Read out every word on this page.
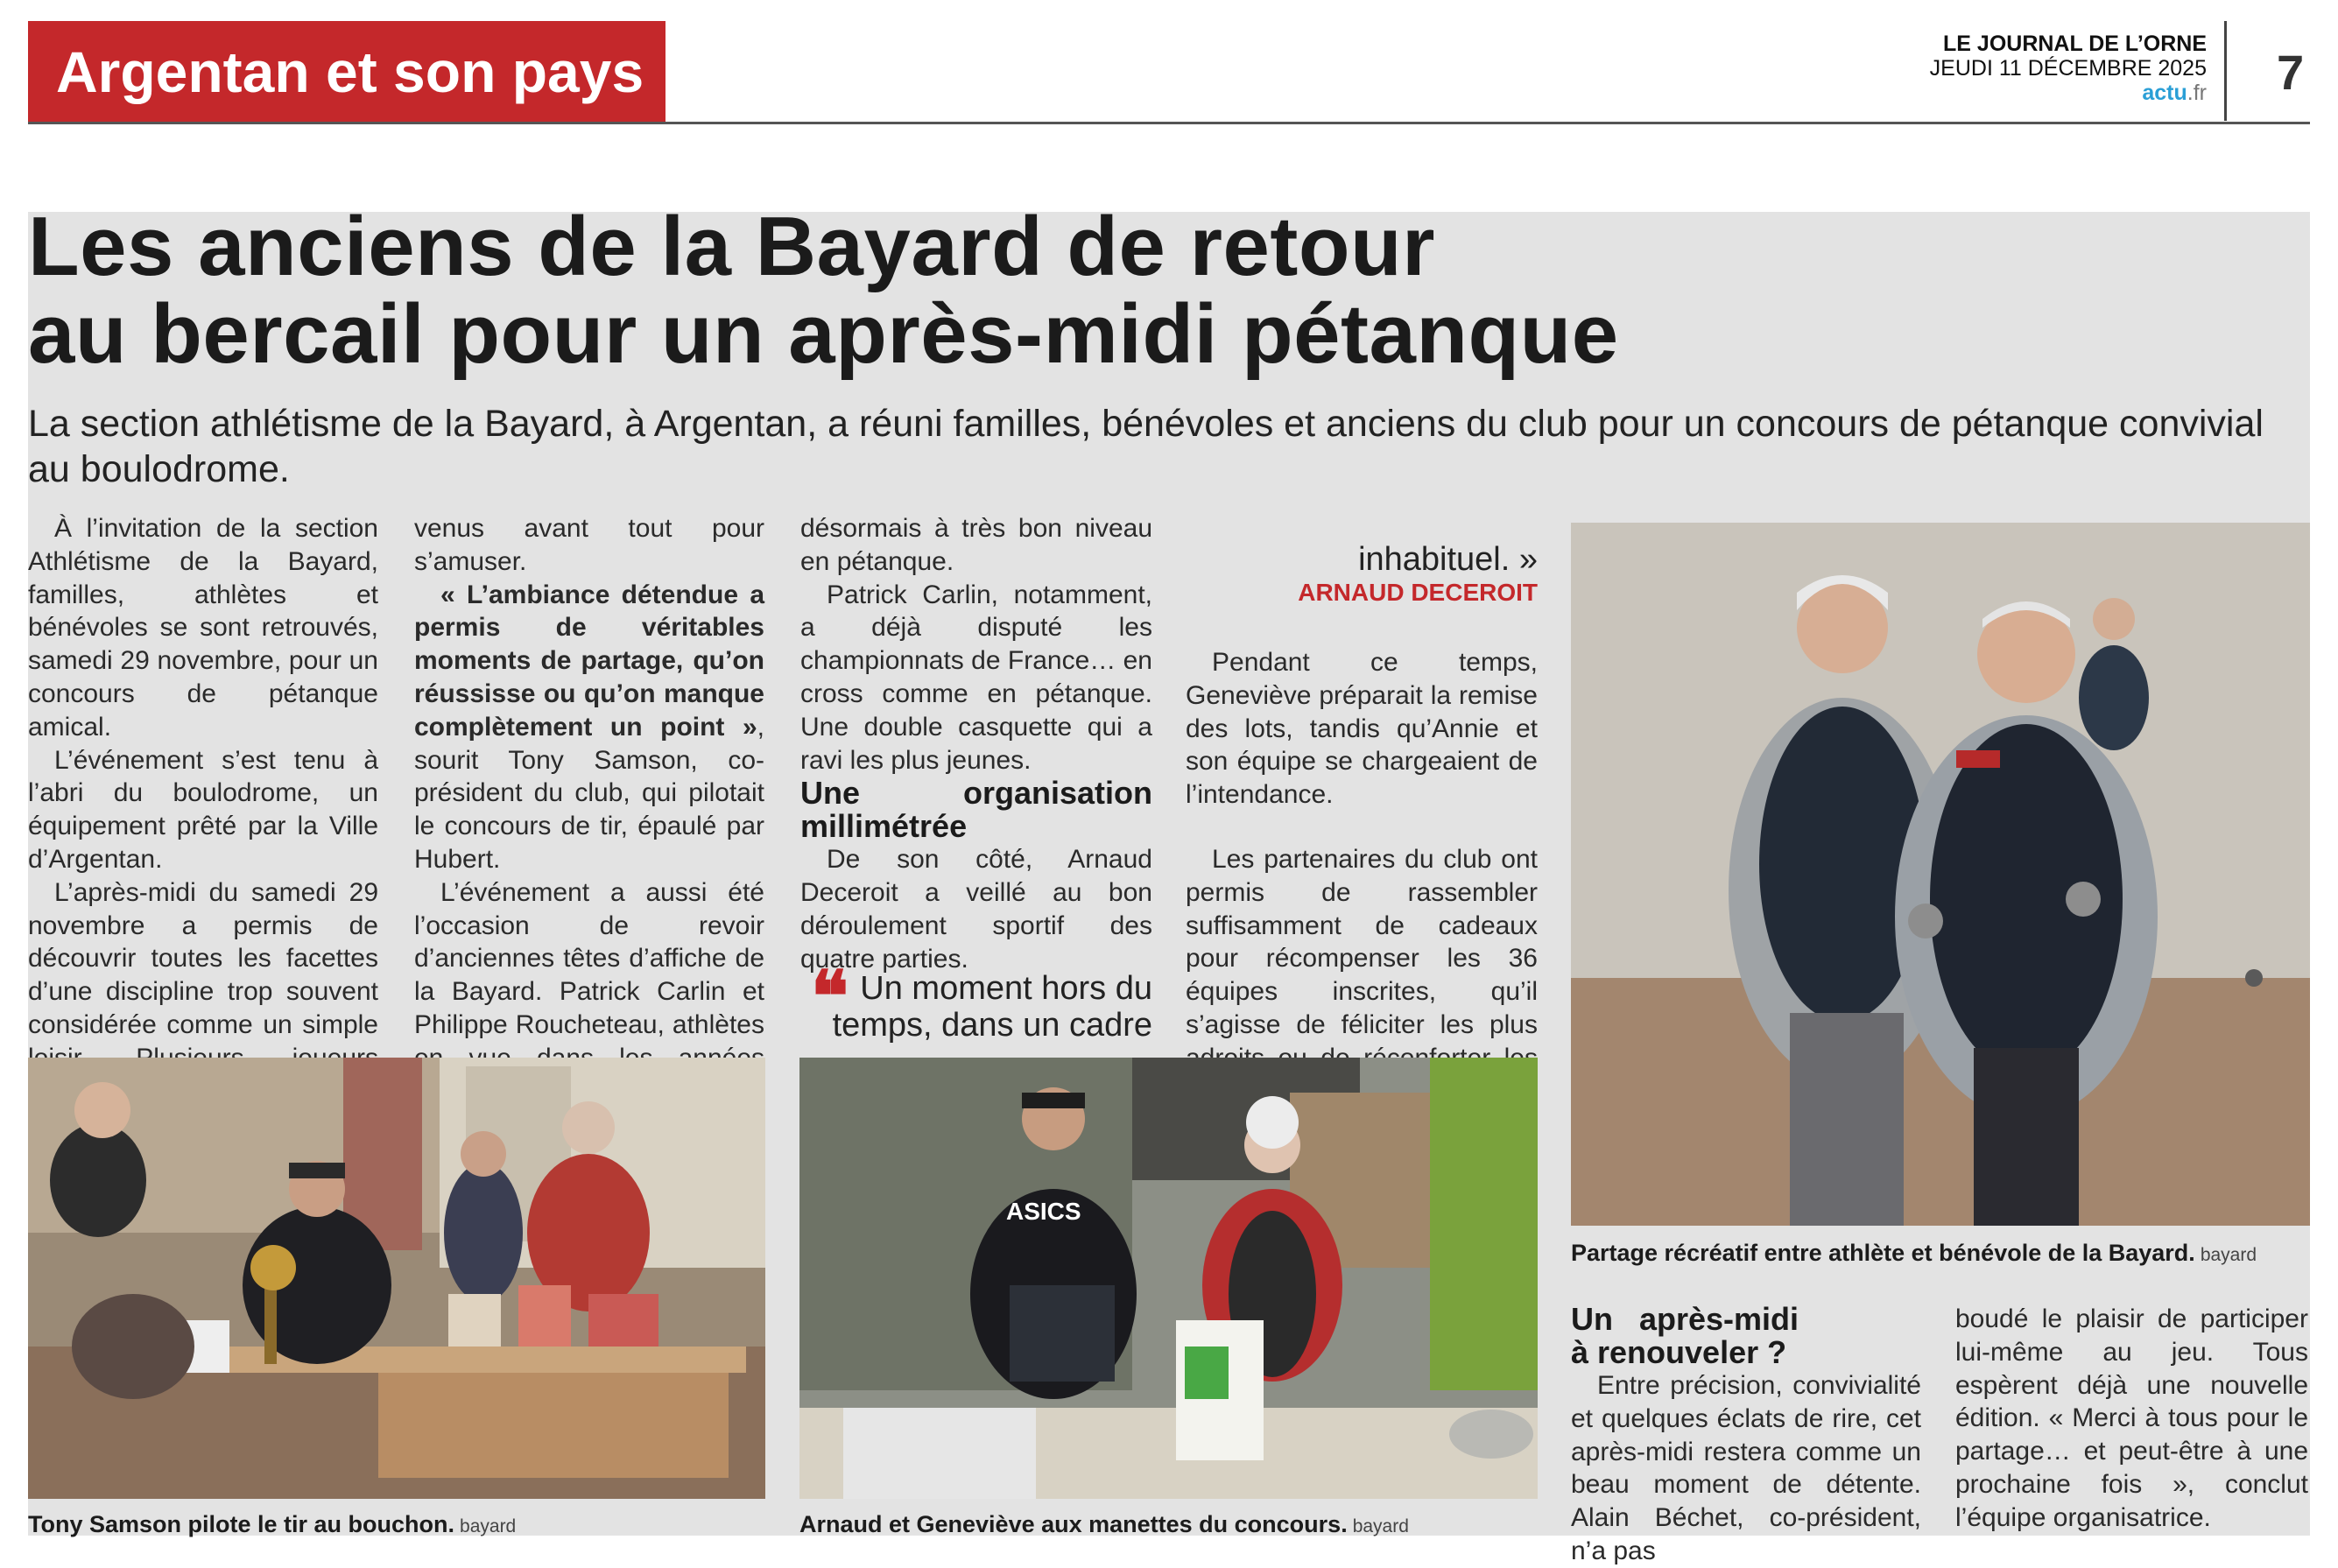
Argentan et son pays	LE JOURNAL DE L’ORNE
JEUDI 11 DÉCEMBRE 2025
actu.fr 7
Les anciens de la Bayard de retour
au bercail pour un après-midi pétanque
La section athlétisme de la Bayard, à Argentan, a réuni familles, bénévoles et anciens du club pour un concours de pétanque convivial au boulodrome.

À l’invitation de la section Athlétisme de la Bayard, familles, athlètes et bénévoles se sont retrouvés, samedi 29 novembre, pour un concours de pétanque amical.

L’événement s’est tenu à l’abri du boulodrome, un équipement prêté par la Ville d’Argentan.

L’après-midi du samedi 29 novembre a permis de découvrir toutes les facettes d’une discipline trop souvent considérée comme un simple

venus avant tout pour s’amuser.

« L’ambiance détendue a permis de véritables moments de partage, qu’on réussisse ou qu’on manque complètement un point », sourit Tony Samson, co-président du club, qui pilotait le concours de tir, épaulé par Hubert.

L’événement a aussi été l’occasion de revoir d’anciennes têtes d’affiche de la Bayard. Patrick Carlin et Philippe Roucheteau, athlètes

désormais à très bon niveau en pétanque.

Patrick Carlin, notamment, a déjà disputé les championnats de France… en cross comme en pétanque. Une double casquette qui a ravi les plus jeunes.

Une organisation millimétrée

De son côté, Arnaud Deceroit a veillé au bon déroulement sportif des quatre parties.

❝ Un moment hors du temps, dans un cadre
inhabituel. »
ARNAUD DECEROIT

Pendant ce temps, Geneviève préparait la remise des lots, tandis qu’Annie et son équipe se chargeaient de l’intendance.

Les partenaires du club ont permis de rassembler suffisamment de cadeaux pour récompenser les 36 équipes inscrites, qu’il s’agisse de féliciter les plus

Tony Samson pilote le tir au bouchon. bayard
ASICS
Arnaud et Geneviève aux manettes du concours. bayard
Partage récréatif entre athlète et bénévole de la Bayard. bayard

Un après-midi à renouveler ?

Entre précision, convivialité et quelques éclats de rire, cet après-midi restera comme un beau moment de détente. Alain Béchet, co-président, n’a pas

boudé le plaisir de participer lui-même au jeu. Tous espèrent déjà une nouvelle édition. « Merci à tous pour le partage… et peut-être à une prochaine fois », conclut l’équipe organisatrice.
